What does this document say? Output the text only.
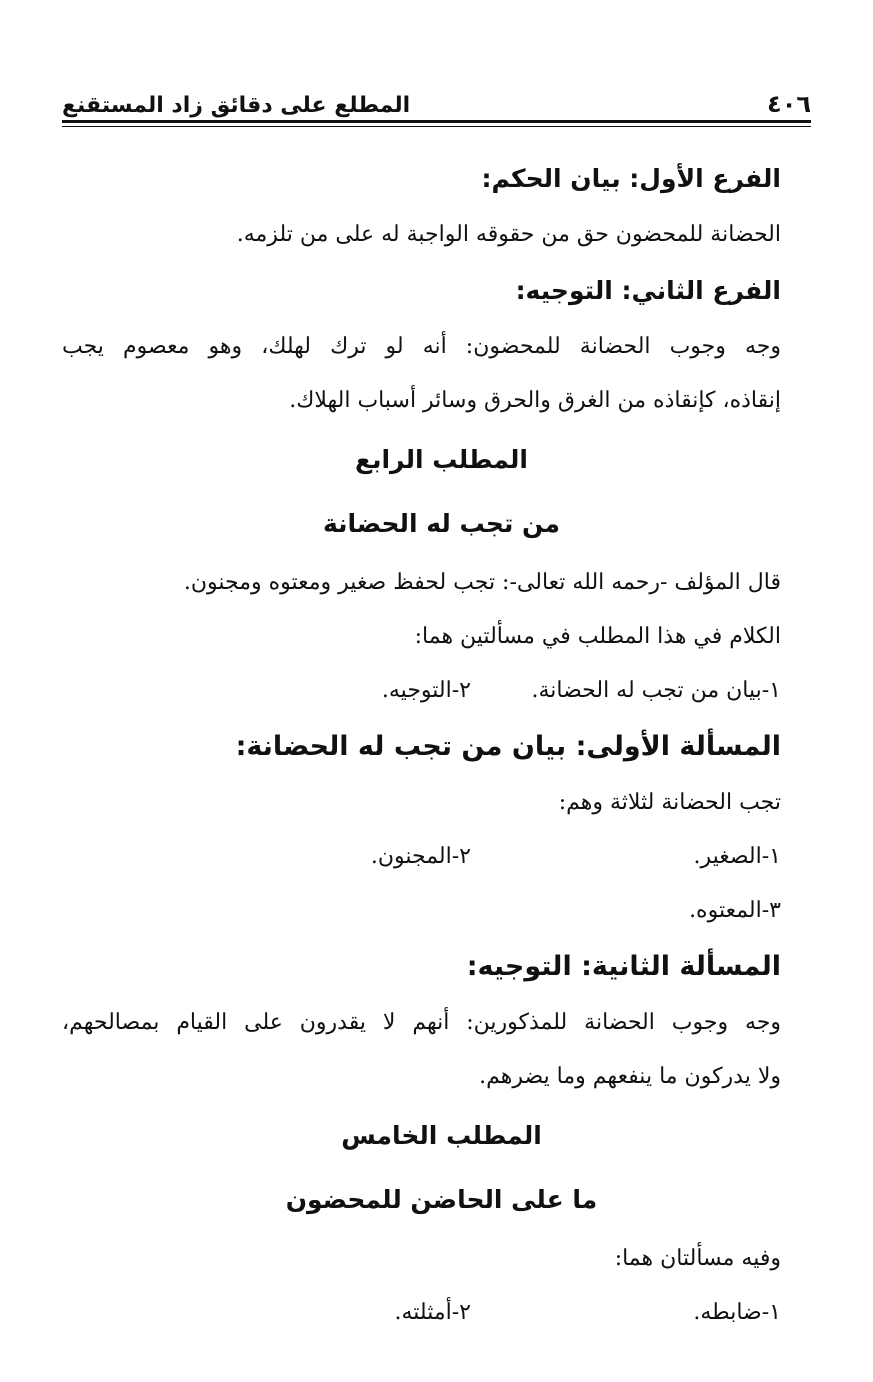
٤٠٦
المطلع على دقائق زاد المستقنع
الفرع الأول: بيان الحكم:
الحضانة للمحضون حق من حقوقه الواجبة له على من تلزمه.
الفرع الثاني: التوجيه:
وجه وجوب الحضانة للمحضون: أنه لو ترك لهلك، وهو معصوم يجب
إنقاذه، كإنقاذه من الغرق والحرق وسائر أسباب الهلاك.
المطلب الرابع
من تجب له الحضانة
قال المؤلف -رحمه الله تعالى-: تجب لحفظ صغير ومعتوه ومجنون.
الكلام في هذا المطلب في مسألتين هما:
١-بيان من تجب له الحضانة.
٢-التوجيه.
المسألة الأولى: بيان من تجب له الحضانة:
تجب الحضانة لثلاثة وهم:
١-الصغير.
٢-المجنون.
٣-المعتوه.
المسألة الثانية: التوجيه:
وجه وجوب الحضانة للمذكورين: أنهم لا يقدرون على القيام بمصالحهم،
ولا يدركون ما ينفعهم وما يضرهم.
المطلب الخامس
ما على الحاضن للمحضون
وفيه مسألتان هما:
١-ضابطه.
٢-أمثلته.
